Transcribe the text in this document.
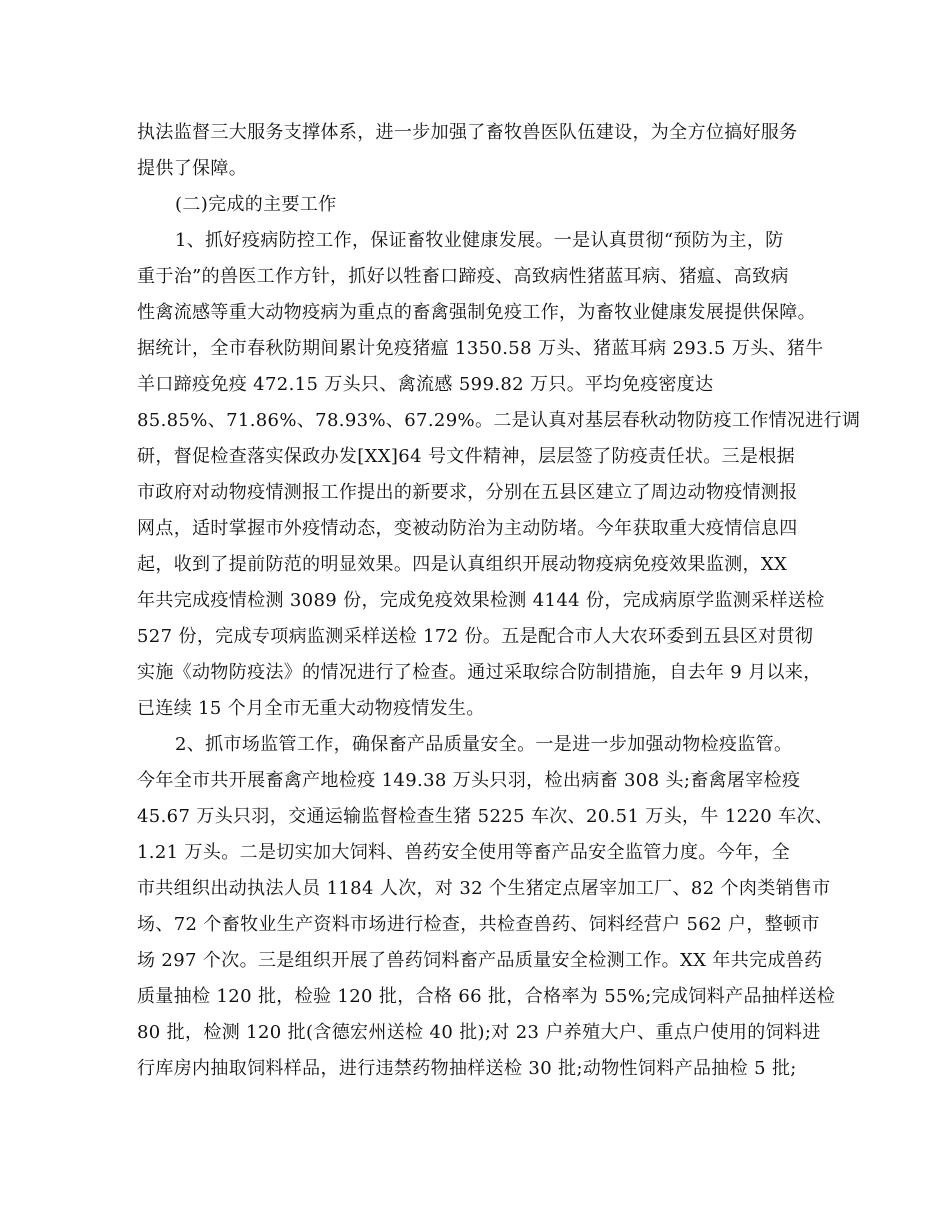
执法监督三大服务支撑体系，进一步加强了畜牧兽医队伍建设，为全方位搞好服务
提供了保障。
(二)完成的主要工作
1、抓好疫病防控工作，保证畜牧业健康发展。一是认真贯彻“预防为主，防
重于治”的兽医工作方针，抓好以牲畜口蹄疫、高致病性猪蓝耳病、猪瘟、高致病
性禽流感等重大动物疫病为重点的畜禽强制免疫工作，为畜牧业健康发展提供保障。
据统计，全市春秋防期间累计免疫猪瘟 1350.58 万头、猪蓝耳病 293.5 万头、猪牛
羊口蹄疫免疫 472.15 万头只、禽流感 599.82 万只。平均免疫密度达
85.85%、71.86%、78.93%、67.29%。二是认真对基层春秋动物防疫工作情况进行调
研，督促检查落实保政办发[XX]64 号文件精神，层层签了防疫责任状。三是根据
市政府对动物疫情测报工作提出的新要求，分别在五县区建立了周边动物疫情测报
网点，适时掌握市外疫情动态，变被动防治为主动防堵。今年获取重大疫情信息四
起，收到了提前防范的明显效果。四是认真组织开展动物疫病免疫效果监测，XX
年共完成疫情检测 3089 份，完成免疫效果检测 4144 份，完成病原学监测采样送检
527 份，完成专项病监测采样送检 172 份。五是配合市人大农环委到五县区对贯彻
实施《动物防疫法》的情况进行了检查。通过采取综合防制措施，自去年 9 月以来，
已连续 15 个月全市无重大动物疫情发生。
2、抓市场监管工作，确保畜产品质量安全。一是进一步加强动物检疫监管。
今年全市共开展畜禽产地检疫 149.38 万头只羽，检出病畜 308 头;畜禽屠宰检疫
45.67 万头只羽，交通运输监督检查生猪 5225 车次、20.51 万头，牛 1220 车次、
1.21 万头。二是切实加大饲料、兽药安全使用等畜产品安全监管力度。今年，全
市共组织出动执法人员 1184 人次，对 32 个生猪定点屠宰加工厂、82 个肉类销售市
场、72 个畜牧业生产资料市场进行检查，共检查兽药、饲料经营户 562 户，整顿市
场 297 个次。三是组织开展了兽药饲料畜产品质量安全检测工作。XX 年共完成兽药
质量抽检 120 批，检验 120 批，合格 66 批，合格率为 55%;完成饲料产品抽样送检
80 批，检测 120 批(含德宏州送检 40 批);对 23 户养殖大户、重点户使用的饲料进
行库房内抽取饲料样品，进行违禁药物抽样送检 30 批;动物性饲料产品抽检 5 批;
